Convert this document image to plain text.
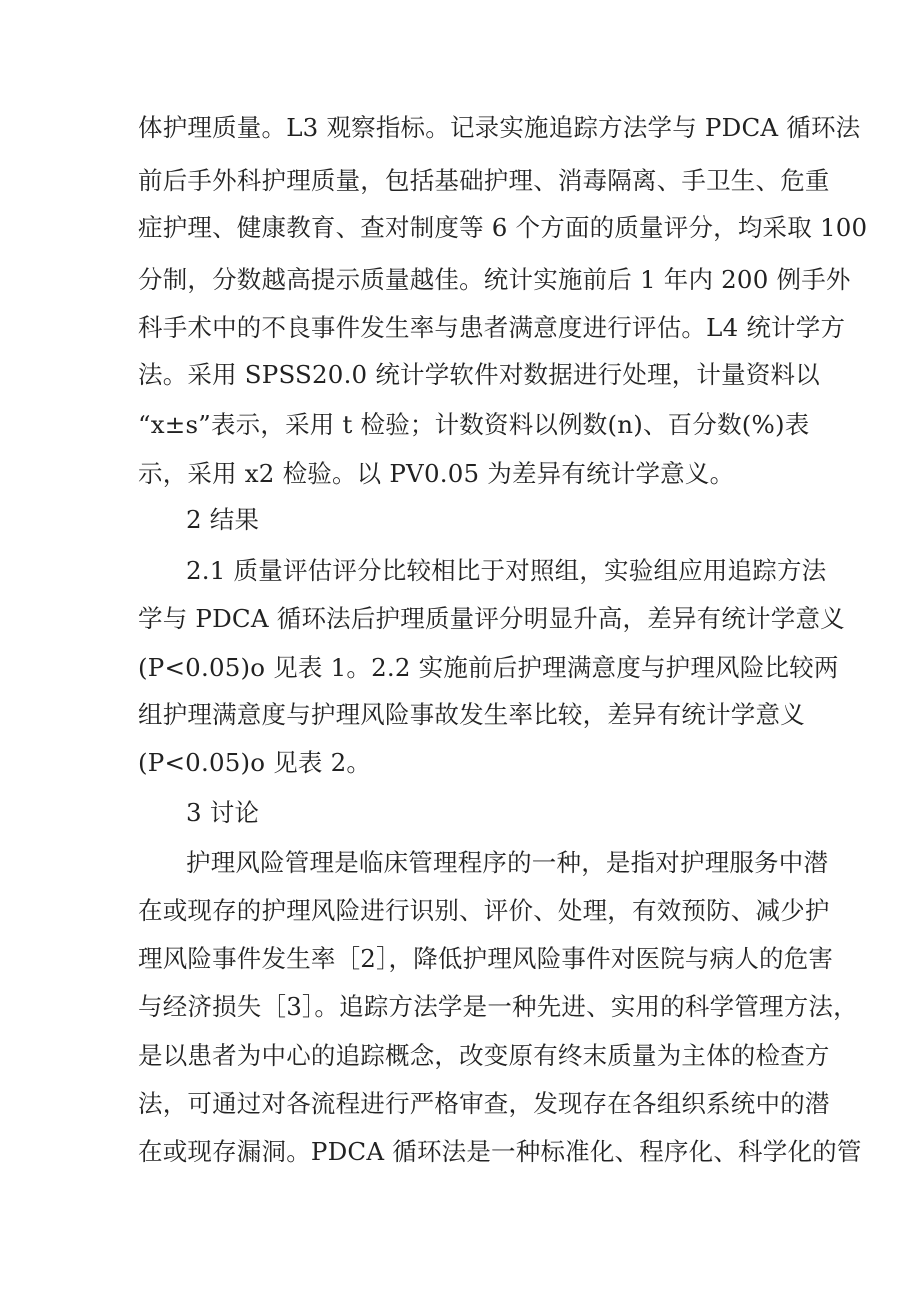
体护理质量。L3 观察指标。记录实施追踪方法学与 PDCA 循环法
前后手外科护理质量，包括基础护理、消毒隔离、手卫生、危重
症护理、健康教育、查对制度等 6 个方面的质量评分，均采取 100
分制，分数越高提示质量越佳。统计实施前后 1 年内 200 例手外
科手术中的不良事件发生率与患者满意度进行评估。L4 统计学方
法。采用 SPSS20.0 统计学软件对数据进行处理，计量资料以
“x±s”表示，采用 t 检验；计数资料以例数(n)、百分数(%)表
示，采用 x2 检验。以 PV0.05 为差异有统计学意义。
2 结果
2.1 质量评估评分比较相比于对照组，实验组应用追踪方法
学与 PDCA 循环法后护理质量评分明显升高，差异有统计学意义
(P<0.05)o 见表 1。2.2 实施前后护理满意度与护理风险比较两
组护理满意度与护理风险事故发生率比较，差异有统计学意义
(P<0.05)o 见表 2。
3 讨论
护理风险管理是临床管理程序的一种，是指对护理服务中潜
在或现存的护理风险进行识别、评价、处理，有效预防、减少护
理风险事件发生率［2］，降低护理风险事件对医院与病人的危害
与经济损失［3］。追踪方法学是一种先进、实用的科学管理方法，
是以患者为中心的追踪概念，改变原有终末质量为主体的检查方
法，可通过对各流程进行严格审查，发现存在各组织系统中的潜
在或现存漏洞。PDCA 循环法是一种标准化、程序化、科学化的管
